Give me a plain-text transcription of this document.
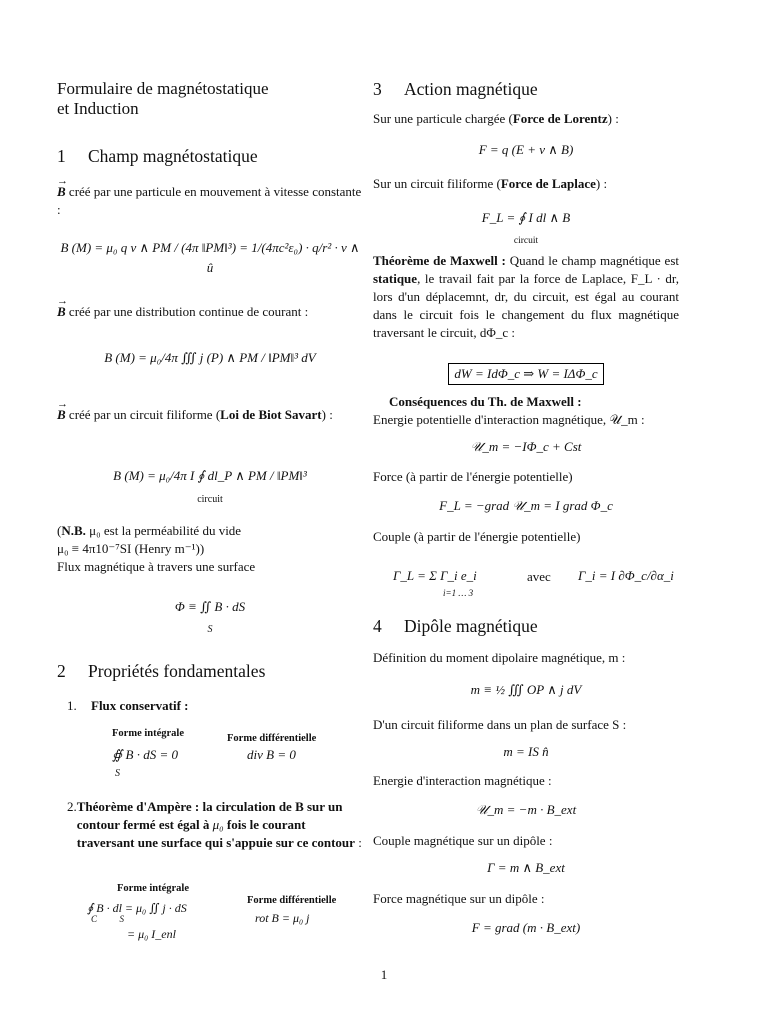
Formulaire de magnétostatique
et Induction
1 Champ magnétostatique
→ B créé par une particule en mouvement à vitesse constante :
B (M) = μ₀ q v ∧ PM / (4π ‖PM‖³) = 1/(4πc²ε₀) · q/r² · v ∧ û
→ B créé par une distribution continue de courant :
B (M) = μ₀/4π ∭ j (P) ∧ PM / ‖PM‖³ dV
→ B créé par un circuit filiforme (Loi de Biot Savart) :
B (M) = μ₀/4π I ∮ dl_P ∧ PM / ‖PM‖³
circuit
(N.B. μ₀ est la perméabilité du vide
μ₀ ≡ 4π10⁻⁷SI (Henry m⁻¹))
Flux magnétique à travers une surface
Φ ≡ ∬ B · dS
S
2 Propriétés fondamentales
1.	Flux conservatif :
Forme intégrale	Forme différentielle
∯ B · dS = 0
S
div B = 0
2. Théorème d'Ampère : la circulation de B sur un contour fermé est égal à μ₀ fois le courant traversant une surface qui s'appuie sur ce contour :
Forme intégrale
Forme différentielle
∮ B · dl = μ₀ ∬ j · dS
C          S
= μ₀ I_enl
rot B = μ₀ j
3 Action magnétique
Sur une particule chargée (Force de Lorentz) :
F = q (E + v ∧ B)
Sur un circuit filiforme (Force de Laplace) :
F_L = ∮ I dl ∧ B
circuit
Théorème de Maxwell : Quand le champ magnétique est statique, le travail fait par la force de Laplace, F_L · dr, lors d'un déplacemnt, dr, du circuit, est égal au courant dans le circuit fois le changement du flux magnétique traversant le circuit, dΦ_c :
dW = IdΦ_c ⇒ W = IΔΦ_c
Conséquences du Th. de Maxwell :
Energie potentielle d'interaction magnétique, 𝒰_m :
𝒰_m = −IΦ_c + Cst
Force (à partir de l'énergie potentielle)
F_L = −grad 𝒰_m = I grad Φ_c
Couple (à partir de l'énergie potentielle)
Γ_L = Σ Γ_i e_i
i=1 … 3
avec Γ_i = I ∂Φ_c/∂α_i
4 Dipôle magnétique
Définition du moment dipolaire magnétique, m :
m ≡ ½ ∭ OP ∧ j dV
D'un circuit filiforme dans un plan de surface S :
m = IS n̂
Energie d'interaction magnétique :
𝒰_m = −m · B_ext
Couple magnétique sur un dipôle :
Γ = m ∧ B_ext
Force magnétique sur un dipôle :
F = grad (m · B_ext)
1
